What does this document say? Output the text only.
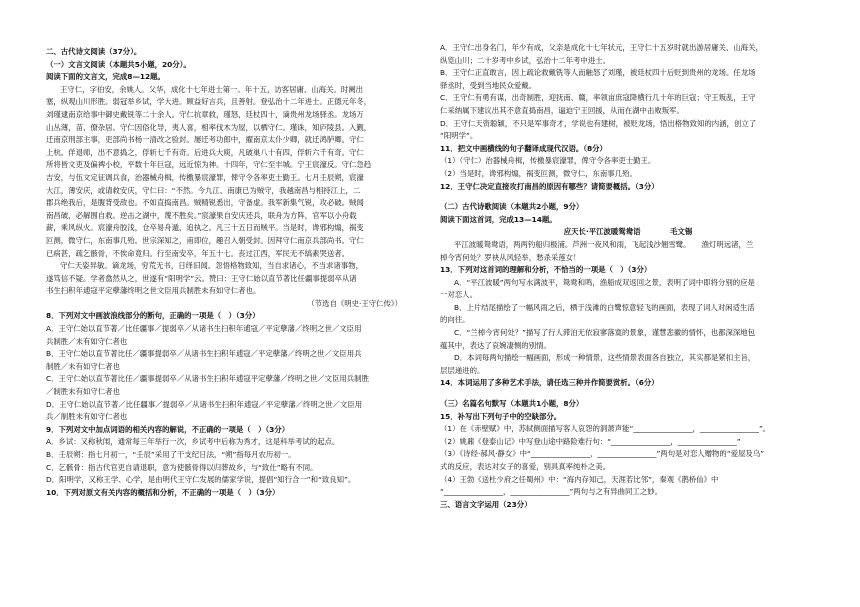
二、古代诗文阅读（37分）。
（一）文言文阅读（本题共5小题，20分）。
阅读下面的文言文，完成8—12题。
王守仁，字伯安，余姚人。父华，成化十七年进士第一。年十五，访客居庸、山海关。时阑出
塞，纵观山川形胜。弱冠举乡试，学大进。顾益好言兵，且善射。登弘治十二年进士。正德元年冬，
刘瑾逮南京给事中御史戴铣等二十余人。守仁抗章救，瑾怒，廷杖四十，谪贵州龙场驿丞。龙场万
山丛薄，苗、僚杂居。守仁因俗化导，夷人喜，相率伐木为屋，以栖守仁。瑾诛，知庐陵县。入觐，
迁南京刑部主事，吏部尚书杨一清改之验封。屡迁考功郎中，擢南京太仆少卿，就迁鸿胪卿。守仁
上杭。佯退师，出不意捣之，俘斩七千有奇。后进兵大庾，凡破巢八十有四，俘斩六千有奇。守仁
所将皆文吏及偏裨小校，平数十年巨寇，远近惊为神。十四年，守仁至丰城。宁王宸濠反。守仁急趋
吉安，与伍文定征调兵食，治器械舟楫，传檄暴宸濠罪，俾守令各率吏士勤王。七月壬辰朔，宸濠
大江，薄安庆，或请救安庆，守仁曰：“不然。今九江、南康已为贼守，我越南昌与相持江上，二
郡兵绝我后，是腹背受敌也。不如直捣南昌。贼精锐悉出，守备虚。我军新集气锐，攻必破。贼闻
南昌破，必解围自救。逆击之湖中，蔑不胜矣。”宸濠果自安庆还兵，联舟为方阵，官军以小舟载
薪，乘风纵火。宸濠舟胶浅，仓卒易舟遁，追执之。凡三十五日而贼平。当是时，谗邪构煽，祸变
叵测，微守仁，东南事几殆。世宗深知之，甫即位，趣召入朝受封。因拜守仁南京兵部尚书。守仁
已病甚，疏乞骸骨，不俟命竟归。行至南安卒，年五十七。丧过江西，军民无不缟素哭送者。
守仁天姿异敏。谪龙场，穷荒无书，日绎旧闻。忽悟格物致知，当自求诸心，不当求诸事物，
遂笃信不疑。学者翕然从之，世遂有“阳明学”云。赞曰：王守仁始以直节著比任疆事提弱卒从诸
书生扫积年逋寇平定孽藩终明之世文臣用兵制胜未有如守仁者也。
（节选自《明史·王守仁传》）
8．下列对文中画波浪线部分的断句，正确的一项是（　）（3分）
A．王守仁始以直节著／比任疆事／提弱卒／从诸书生扫积年逋寇／平定孽藩／终明之世／文臣用
兵制胜／未有如守仁者也
B．王守仁始以直节著比任／疆事提弱卒／从诸书生扫积年逋寇／平定孽藩／终明之世／文臣用兵
制胜／未有如守仁者也
C．王守仁始以直节著比任／疆事提弱卒／从诸书生扫积年逋寇平定孽藩／终明之世／文臣用兵制胜
／制胜未有如守仁者也
D．王守仁始以直节著／比任疆事／提弱卒／从诸书生扫积年逋寇／平定孽藩／终明之世／文臣用
兵／制胜未有如守仁者也
9．下列对文中加点词语的相关内容的解说，不正确的一项是（　）（3分）
A．乡试：又称秋闱，通常每三年举行一次，乡试考中后称为秀才，这是科举考试的起点。
B．壬辰朔：指七月初一，“壬辰”采用了干支纪日法，“朔”指每月农历初一。
C．乞骸骨：指古代官吏自请退职，意为使骸骨得以归葬故乡，与“致仕”略有不同。
D．阳明学，又称王学、心学，是由明代王守仁发展的儒家学说，提倡“知行合一”和“致良知”。
10．下列对原文有关内容的概括和分析，不正确的一项是（　）（3分）
A．王守仁出身名门，年少有成，父亲是成化十七年状元，王守仁十五岁时就出游居庸关、山海关，
纵览山川；二十岁考中乡试，弘治十二年考中进士。
B．王守仁正直敢言，因上疏论救戴铣等人而触怒了刘瑾，被廷杖四十后贬到贵州的龙场。任龙场
驿丞时，受到当地民众爱戴。
C．王守仁有勇有谋，出奇制胜，迎抚南、赣，率领亩庶寇降横行几十年的巨寇；守王叛乱，王守
仁采纳属下建议出其不意直捣南昌，逼迫宁王回援，从而在湖中击败叛军。
D．王守仁天资聪颖，不只是军事奇才，学说也有建树，被贬龙场，悟出格物致知的内涵，创立了
“阳明学”。
11．把文中画横线的句子翻译成现代汉语。（8分）
（1）（守仁）治器械舟楫，传檄暴宸濠罪，俾守令各率吏士勤王。
（2）当是时，谗邪构煽，祸变叵测，微守仁，东南事几殆。
12．王守仁决定直接攻打南昌的原因有哪些？请简要概括。（3分）
（二）古代诗歌阅读（本题共2小题，9分）
阅读下面这首词，完成13—14题。
应天长·平江波暖鸳鸯语　　　　毛文锡
平江波暖鸳鸯语，两两钓船归极浦。芦洲一夜风和雨，飞起浅沙翘雪鹭。　　渔灯明远渚，兰
棹今宵何处？罗袂从风轻举，愁杀采莲女！
13．下列对这首词的理解和分析，不恰当的一项是（　）（3分）
A．“平江波暖”两句写水满波平，鸳鸯和鸣，渔船成双返回之景，表明了词中即将分别的应是
一对恋人。
B．上片结尾描绘了一幅风雨之后，栖于浅滩的白鹭惊意轻飞的画面，表现了词人对闲适生活
的向往。
C．“兰棹今宵何处？”描写了行人滞泊无依寂寥落寞的景象，谨慧悲徽的情怀，也都深深地包
蕴其中，表达了哀婉凄恻的别情。
D．本词每两句描绘一幅画面，形成一种情景，这些情景表面各自独立，其实都是紧扣主旨，
层层递进的。
14．本词运用了多种艺术手法，请任选三种并作简要赏析。（6分）
（三）名篇名句默写（本题共1小题，8分）
15．补写出下列句子中的空缺部分。
（1）在《赤壁赋》中，苏轼侧面描写客人哀怨的洞萧声能“________________，________________”。
（2）姚鼐《登泰山记》中写登山途中路险难行句：“________________，________________”
（3）《诗经·郝风·静女》中“________________，________________”两句是对恋人赠物的“爱屋及乌”
式的反应，表达对女子的喜爱，别具真率纯朴之美。
（4）王勃《送杜少府之任蜀州》中：“海内存知己，天涯若比邻”，秦观《鹊桥仙》中
“________________，________________”两句与之有异曲同工之妙。
三、语言文字运用（23分）
